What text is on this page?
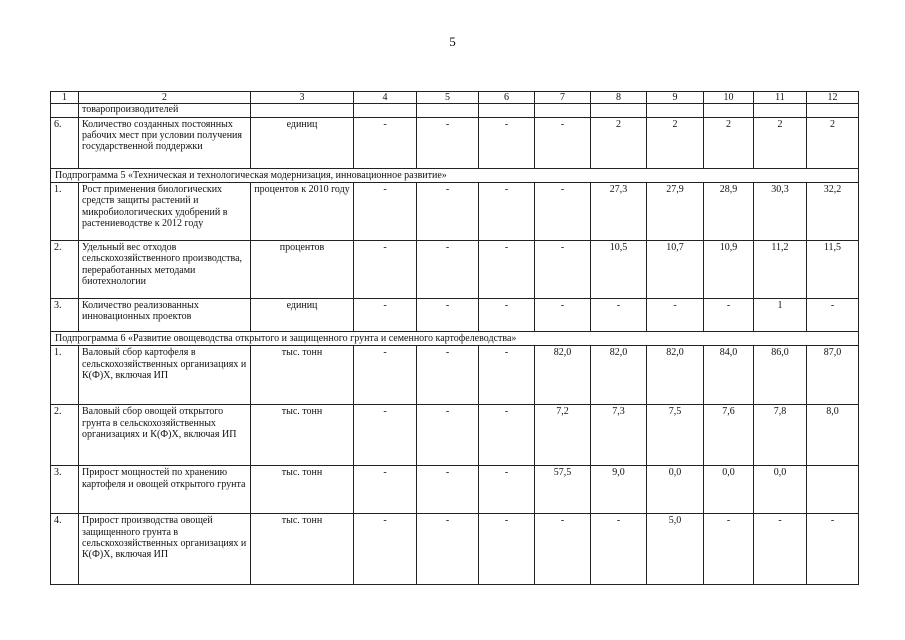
5
1	2	3	4	5	6	7	8	9	10	11	12
	товаропроизводителей										
6.	Количество созданных постоянных рабочих мест при условии получения государственной поддержки	единиц	-	-	-	-	2	2	2	2	2
Подпрограмма 5 «Техническая и технологическая модернизация, инновационное развитие»											
1.	Рост применения биологических средств защиты растений и микробиологических удобрений в растениеводстве к 2012 году	процентов к 2010 году	-	-	-	-	27,3	27,9	28,9	30,3	32,2
2.	Удельный вес отходов сельскохозяйственного производства, переработанных методами биотехнологии	процентов	-	-	-	-	10,5	10,7	10,9	11,2	11,5
3.	Количество реализованных инновационных проектов	единиц	-	-	-	-	-	-	-	1	-
Подпрограмма 6 «Развитие овощеводства открытого и защищенного грунта и семенного картофелеводства»											
1.	Валовый сбор картофеля в сельскохозяйственных организациях и К(Ф)Х, включая ИП	тыс. тонн	-	-	-	82,0	82,0	82,0	84,0	86,0	87,0
2.	Валовый сбор овощей открытого грунта в сельскохозяйственных организациях и К(Ф)Х, включая ИП	тыс. тонн	-	-	-	7,2	7,3	7,5	7,6	7,8	8,0
3.	Прирост мощностей по хранению картофеля и овощей открытого грунта	тыс. тонн	-	-	-	57,5	9,0	0,0	0,0	0,0	
4.	Прирост производства овощей защищенного грунта в сельскохозяйственных организациях и К(Ф)Х, включая ИП	тыс. тонн	-	-	-	-	-	5,0	-	-	-
